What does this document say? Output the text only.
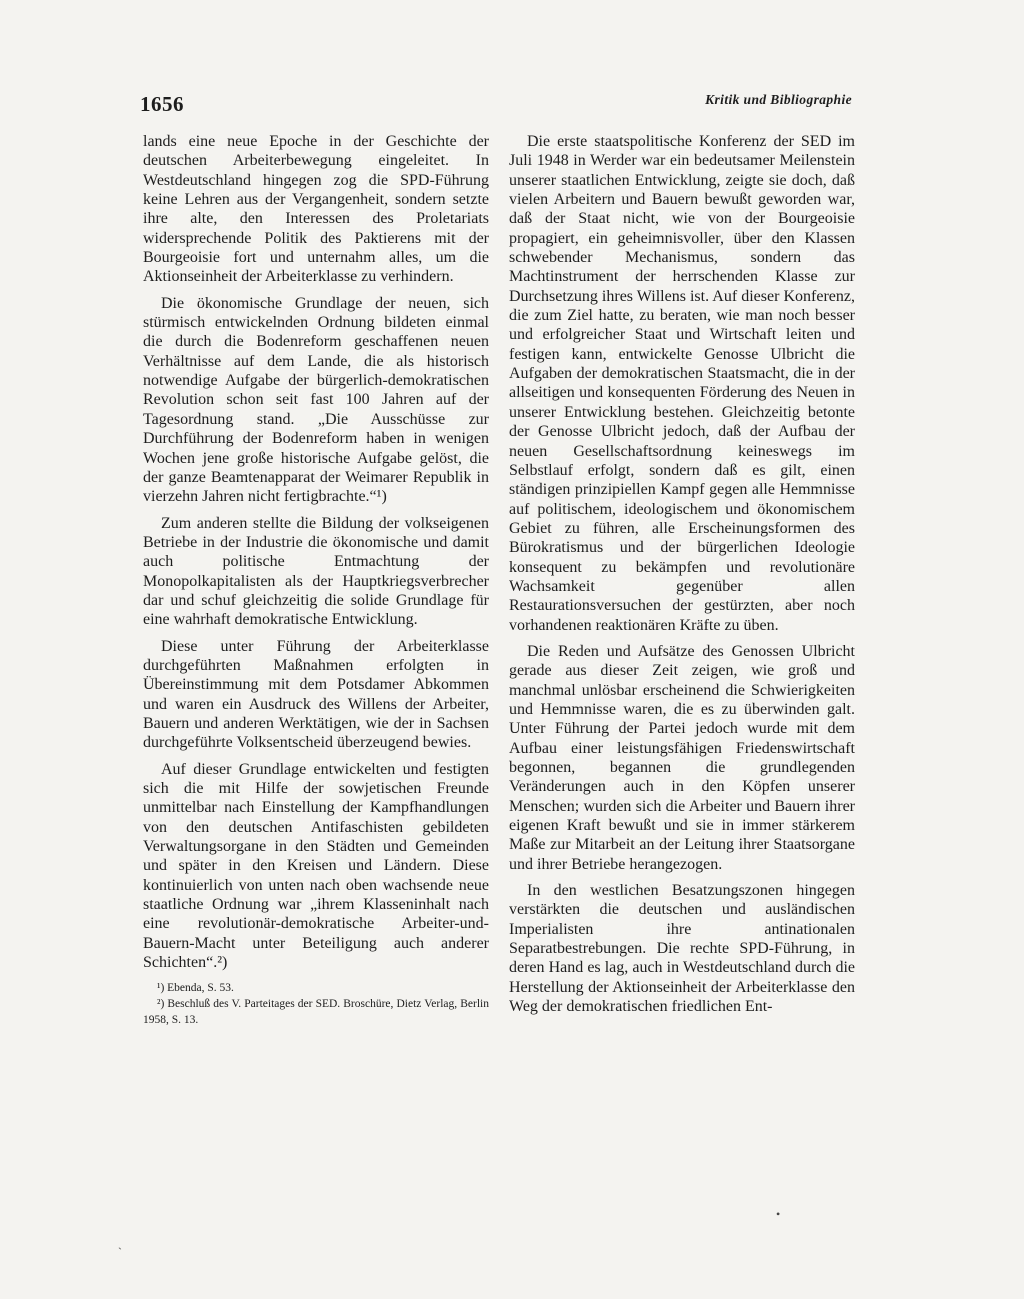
1656	Kritik und Bibliographie

lands eine neue Epoche in der Geschichte der deutschen Arbeiterbewegung eingeleitet. In Westdeutschland hingegen zog die SPD-Führung keine Lehren aus der Vergangenheit, sondern setzte ihre alte, den Interessen des Proletariats widersprechende Politik des Paktierens mit der Bourgeoisie fort und unternahm alles, um die Aktionseinheit der Arbeiterklasse zu verhindern.

Die ökonomische Grundlage der neuen, sich stürmisch entwickelnden Ordnung bildeten einmal die durch die Bodenreform geschaffenen neuen Verhältnisse auf dem Lande, die als historisch notwendige Aufgabe der bürgerlich-demokratischen Revolution schon seit fast 100 Jahren auf der Tagesordnung stand. „Die Ausschüsse zur Durchführung der Bodenreform haben in wenigen Wochen jene große historische Aufgabe gelöst, die der ganze Beamtenapparat der Weimarer Republik in vierzehn Jahren nicht fertigbrachte.“¹)

Zum anderen stellte die Bildung der volkseigenen Betriebe in der Industrie die ökonomische und damit auch politische Entmachtung der Monopolkapitalisten als der Hauptkriegsverbrecher dar und schuf gleichzeitig die solide Grundlage für eine wahrhaft demokratische Entwicklung.

Diese unter Führung der Arbeiterklasse durchgeführten Maßnahmen erfolgten in Übereinstimmung mit dem Potsdamer Abkommen und waren ein Ausdruck des Willens der Arbeiter, Bauern und anderen Werktätigen, wie der in Sachsen durchgeführte Volksentscheid überzeugend bewies.

Auf dieser Grundlage entwickelten und festigten sich die mit Hilfe der sowjetischen Freunde unmittelbar nach Einstellung der Kampfhandlungen von den deutschen Antifaschisten gebildeten Verwaltungsorgane in den Städten und Gemeinden und später in den Kreisen und Ländern. Diese kontinuierlich von unten nach oben wachsende neue staatliche Ordnung war „ihrem Klasseninhalt nach eine revolutionär-demokratische Arbeiter-und-Bauern-Macht unter Beteiligung auch anderer Schichten“.²)

¹) Ebenda, S. 53.

²) Beschluß des V. Parteitages der SED. Broschüre, Dietz Verlag, Berlin 1958, S. 13.

Die erste staatspolitische Konferenz der SED im Juli 1948 in Werder war ein bedeutsamer Meilenstein unserer staatlichen Entwicklung, zeigte sie doch, daß vielen Arbeitern und Bauern bewußt geworden war, daß der Staat nicht, wie von der Bourgeoisie propagiert, ein geheimnisvoller, über den Klassen schwebender Mechanismus, sondern das Machtinstrument der herrschenden Klasse zur Durchsetzung ihres Willens ist. Auf dieser Konferenz, die zum Ziel hatte, zu beraten, wie man noch besser und erfolgreicher Staat und Wirtschaft leiten und festigen kann, entwickelte Genosse Ulbricht die Aufgaben der demokratischen Staatsmacht, die in der allseitigen und konsequenten Förderung des Neuen in unserer Entwicklung bestehen. Gleichzeitig betonte der Genosse Ulbricht jedoch, daß der Aufbau der neuen Gesellschaftsordnung keineswegs im Selbstlauf erfolgt, sondern daß es gilt, einen ständigen prinzipiellen Kampf gegen alle Hemmnisse auf politischem, ideologischem und ökonomischem Gebiet zu führen, alle Erscheinungsformen des Bürokratismus und der bürgerlichen Ideologie konsequent zu bekämpfen und revolutionäre Wachsamkeit gegenüber allen Restaurationsversuchen der gestürzten, aber noch vorhandenen reaktionären Kräfte zu üben.

Die Reden und Aufsätze des Genossen Ulbricht gerade aus dieser Zeit zeigen, wie groß und manchmal unlösbar erscheinend die Schwierigkeiten und Hemmnisse waren, die es zu überwinden galt. Unter Führung der Partei jedoch wurde mit dem Aufbau einer leistungsfähigen Friedenswirtschaft begonnen, begannen die grundlegenden Veränderungen auch in den Köpfen unserer Menschen; wurden sich die Arbeiter und Bauern ihrer eigenen Kraft bewußt und sie in immer stärkerem Maße zur Mitarbeit an der Leitung ihrer Staatsorgane und ihrer Betriebe herangezogen.

In den westlichen Besatzungszonen hingegen verstärkten die deutschen und ausländischen Imperialisten ihre antinationalen Separatbestrebungen. Die rechte SPD-Führung, in deren Hand es lag, auch in Westdeutschland durch die Herstellung der Aktionseinheit der Arbeiterklasse den Weg der demokratischen friedlichen Ent-

ˏ
•
